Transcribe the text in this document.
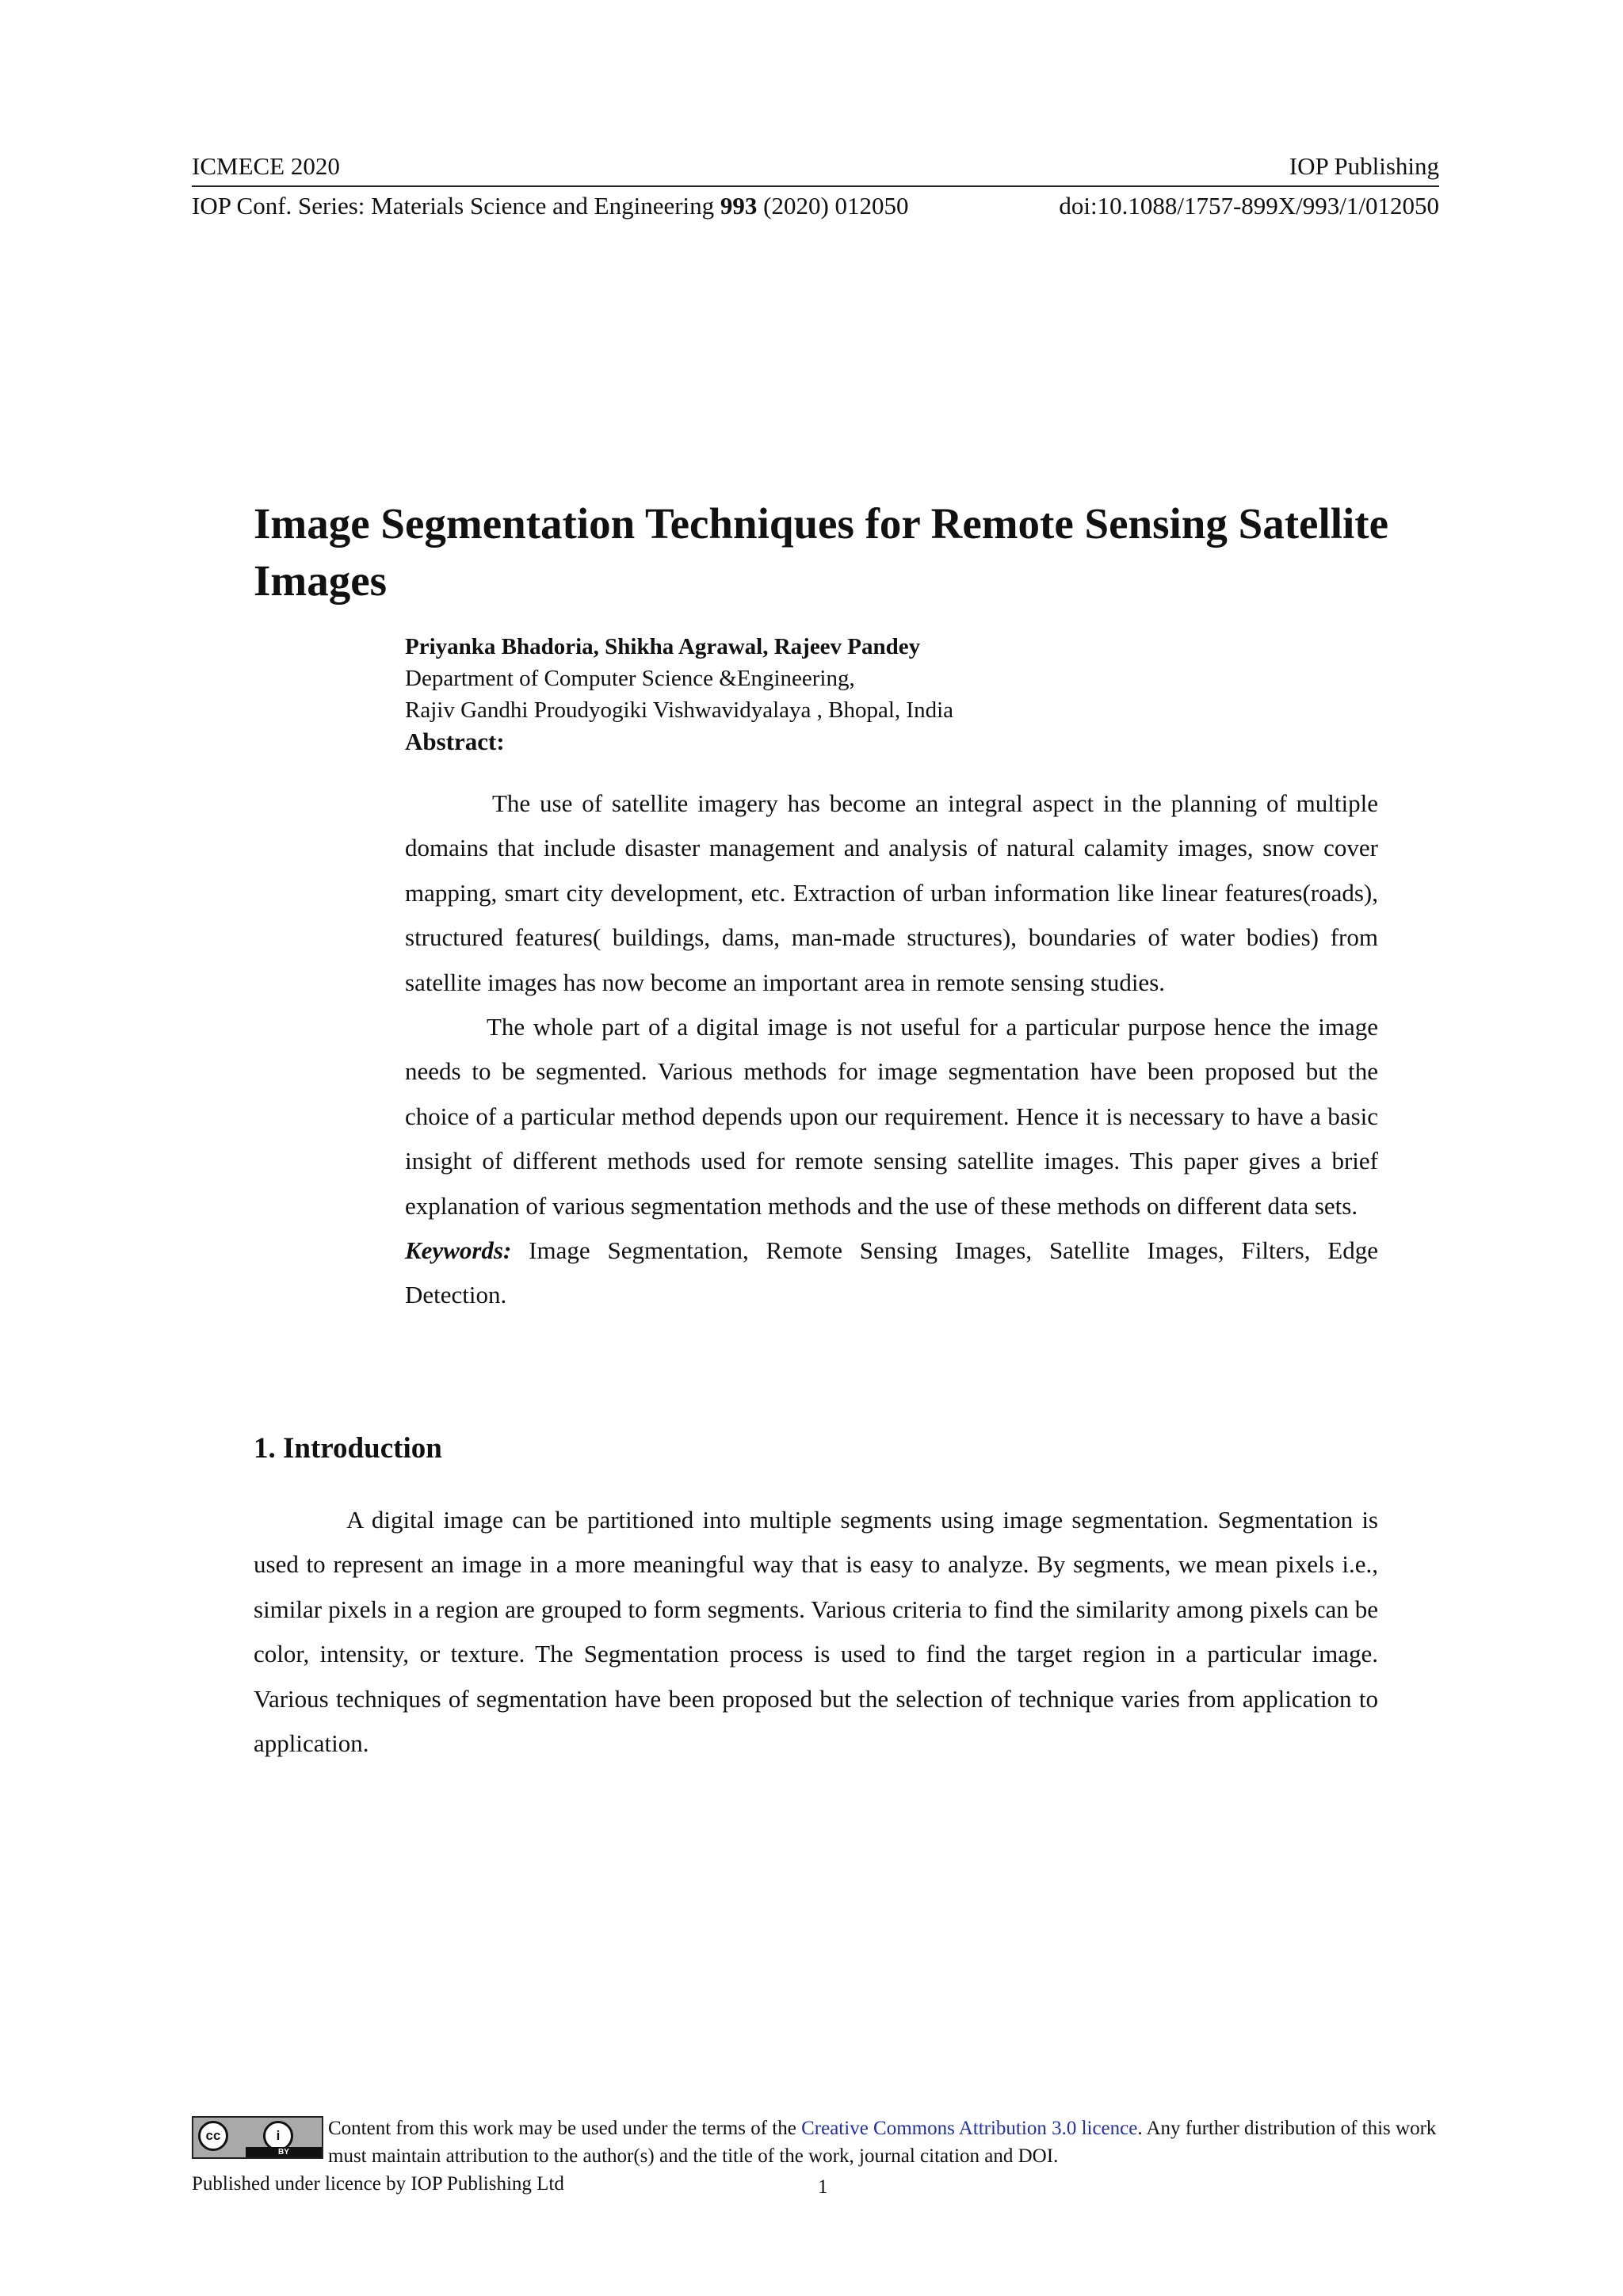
ICMECE 2020	IOP Publishing
IOP Conf. Series: Materials Science and Engineering 993 (2020) 012050	doi:10.1088/1757-899X/993/1/012050
Image Segmentation Techniques for Remote Sensing Satellite Images
Priyanka Bhadoria, Shikha Agrawal, Rajeev Pandey
Department of Computer Science &Engineering,
Rajiv Gandhi Proudyogiki Vishwavidyalaya , Bhopal, India
Abstract:

The use of satellite imagery has become an integral aspect in the planning of multiple domains that include disaster management and analysis of natural calamity images, snow cover mapping, smart city development, etc. Extraction of urban information like linear features(roads), structured features( buildings, dams, man-made structures), boundaries of water bodies) from satellite images has now become an important area in remote sensing studies.

The whole part of a digital image is not useful for a particular purpose hence the image needs to be segmented. Various methods for image segmentation have been proposed but the choice of a particular method depends upon our requirement. Hence it is necessary to have a basic insight of different methods used for remote sensing satellite images. This paper gives a brief explanation of various segmentation methods and the use of these methods on different data sets.

Keywords: Image Segmentation, Remote Sensing Images, Satellite Images, Filters, Edge Detection.

1. Introduction

A digital image can be partitioned into multiple segments using image segmentation. Segmentation is used to represent an image in a more meaningful way that is easy to analyze. By segments, we mean pixels i.e., similar pixels in a region are grouped to form segments. Various criteria to find the similarity among pixels can be color, intensity, or texture. The Segmentation process is used to find the target region in a particular image. Various techniques of segmentation have been proposed but the selection of technique varies from application to application.

cc	i
BY
Content from this work may be used under the terms of the Creative Commons Attribution 3.0 licence. Any further distribution of this work must maintain attribution to the author(s) and the title of the work, journal citation and DOI.
Published under licence by IOP Publishing Ltd	1
